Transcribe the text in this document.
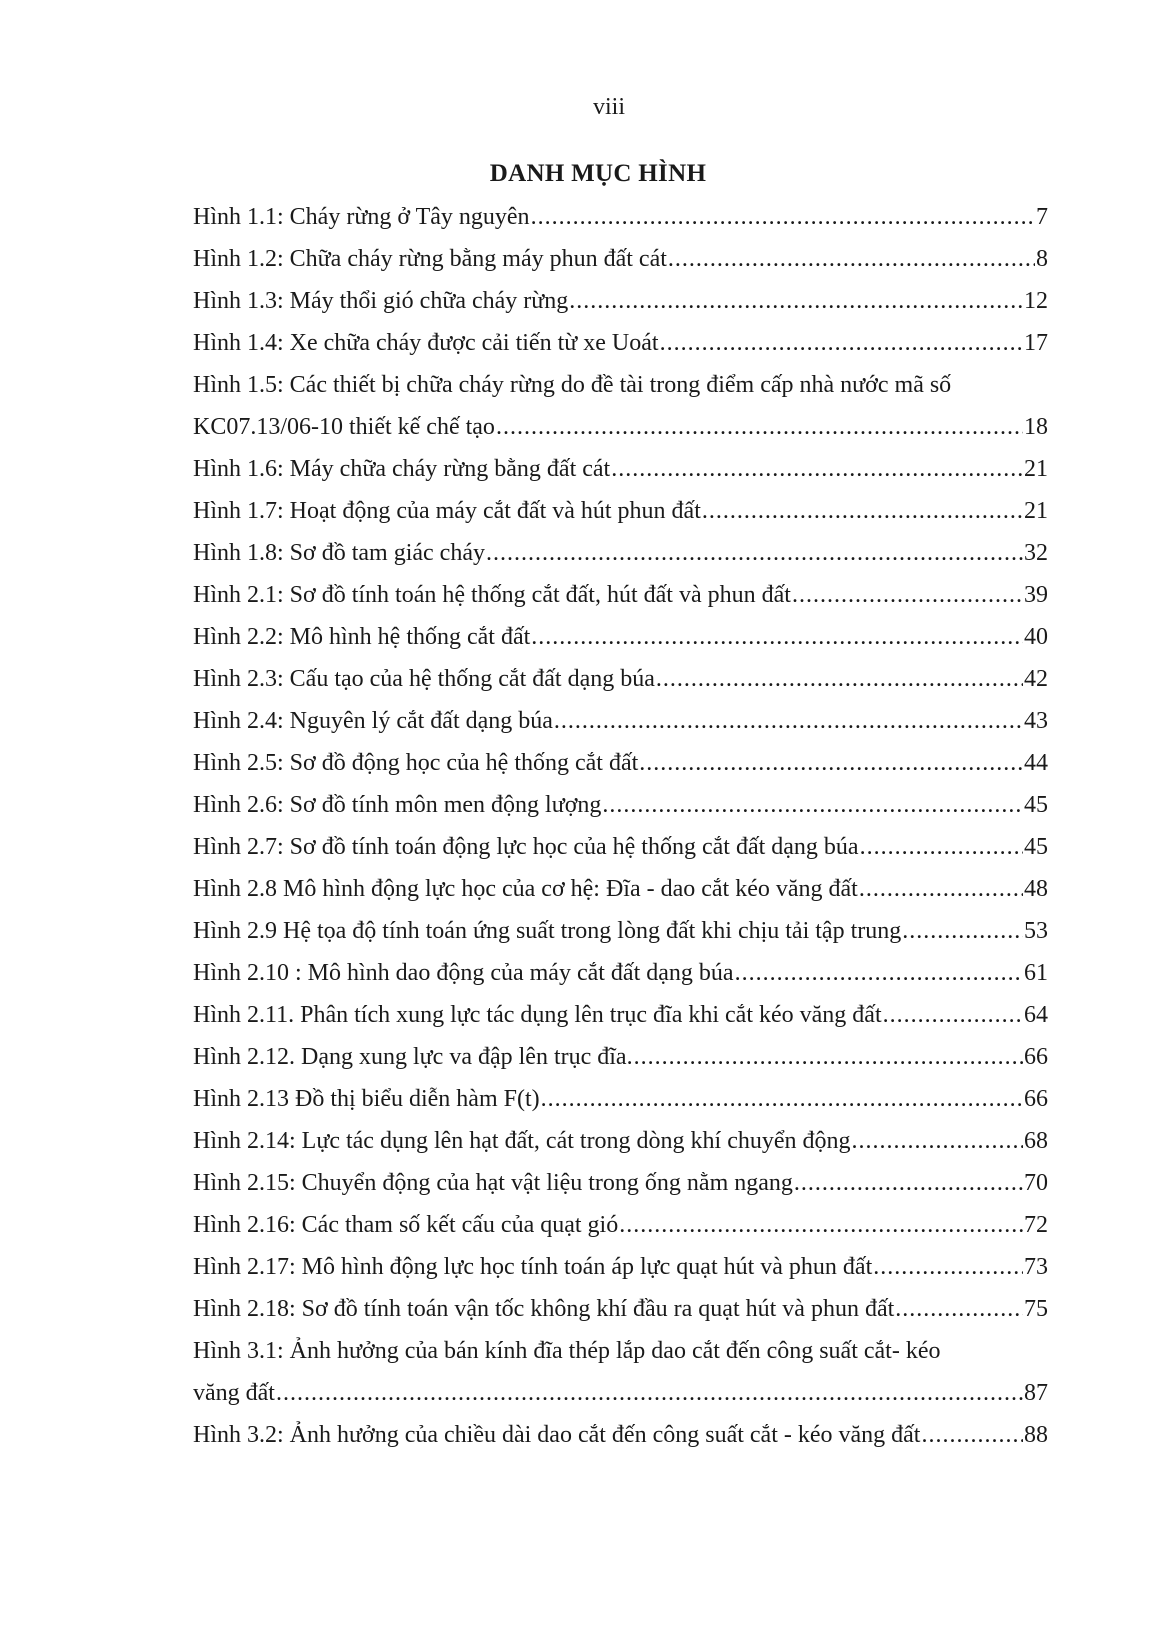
viii
DANH MỤC HÌNH
Hình 1.1: Cháy rừng ở Tây nguyên .....	7
Hình 1.2: Chữa cháy rừng bằng máy phun đất cát .....	8
Hình 1.3: Máy thổi gió chữa cháy rừng .....	12
Hình 1.4: Xe chữa cháy được cải tiến từ xe Uoát .....	17
Hình 1.5: Các thiết bị chữa cháy rừng do đề tài trong điểm cấp nhà nước mã số
KC07.13/06-10 thiết kế chế tạo .....	18
Hình 1.6: Máy chữa cháy rừng bằng đất cát .....	21
Hình 1.7: Hoạt động của máy cắt đất và hút phun đất .....	21
Hình 1.8: Sơ đồ tam giác cháy .....	32
Hình 2.1: Sơ đồ tính toán hệ thống cắt đất, hút đất và phun đất .....	39
Hình 2.2: Mô hình hệ thống cắt đất .....	40
Hình 2.3: Cấu tạo của hệ thống cắt đất dạng búa .....	42
Hình 2.4: Nguyên lý cắt đất dạng búa .....	43
Hình 2.5: Sơ đồ động học của hệ thống cắt đất .....	44
Hình 2.6: Sơ đồ tính môn men động lượng .....	45
Hình 2.7: Sơ đồ tính toán động lực học của hệ thống cắt đất dạng búa .....	45
Hình 2.8 Mô hình động lực học của cơ hệ: Đĩa - dao cắt kéo văng đất .....	48
Hình 2.9 Hệ tọa độ tính toán ứng suất trong lòng đất khi chịu tải tập trung .....	53
Hình 2.10 : Mô hình dao động của máy cắt đất dạng búa .....	61
Hình 2.11. Phân tích xung lực tác dụng lên trục đĩa khi cắt kéo văng đất .....	64
Hình 2.12. Dạng xung lực va đập lên trục đĩa. .....	66
Hình 2.13 Đồ thị biểu diễn hàm F(t) .....	66
Hình 2.14: Lực tác dụng lên hạt đất, cát trong dòng khí chuyển động .....	68
Hình 2.15: Chuyển động của hạt vật liệu trong ống nằm ngang .....	70
Hình 2.16: Các tham số kết cấu của quạt gió .....	72
Hình 2.17: Mô hình động lực học tính toán áp lực quạt hút và phun đất .....	73
Hình 2.18: Sơ đồ tính toán vận tốc không khí đầu ra quạt hút và phun đất .....	75
Hình 3.1: Ảnh hưởng của bán kính đĩa thép lắp dao cắt đến công suất cắt- kéo
văng đất .....	87
Hình 3.2: Ảnh hưởng của chiều dài dao cắt đến công suất cắt - kéo văng đất .....	88
